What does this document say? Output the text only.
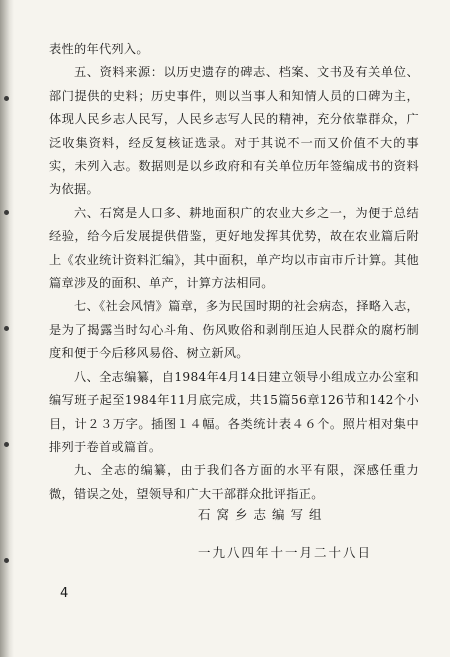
表性的年代列入。

五、资料来源：以历史遗存的碑志、档案、文书及有关单位、部门提供的史料；历史事件，则以当事人和知情人员的口碑为主，体现人民乡志人民写，人民乡志写人民的精神，充分依靠群众，广泛收集资料，经反复核证选录。对于其说不一而又价值不大的事实，未列入志。数据则是以乡政府和有关单位历年签编成书的资料为依据。

六、石窝是人口多、耕地面积广的农业大乡之一，为便于总结经验，给今后发展提供借鉴，更好地发挥其优势，故在农业篇后附上《农业统计资料汇编》，其中面积，单产均以市亩市斤计算。其他篇章涉及的面积、单产，计算方法相同。

七、《社会风情》篇章，多为民国时期的社会病态，择略入志，是为了揭露当时勾心斗角、伤风败俗和剥削压迫人民群众的腐朽制度和便于今后移风易俗、树立新风。

八、全志编纂，自1984年4月14日建立领导小组成立办公室和编写班子起至1984年11月底完成，共15篇56章126节和142个小目，计２３万字。插图１４幅。各类统计表４６个。照片相对集中排列于卷首或篇首。

九、全志的编纂，由于我们各方面的水平有限，深感任重力微，错误之处，望领导和广大干部群众批评指正。

石窝乡志编写组
一九八四年十一月二十八日
4
